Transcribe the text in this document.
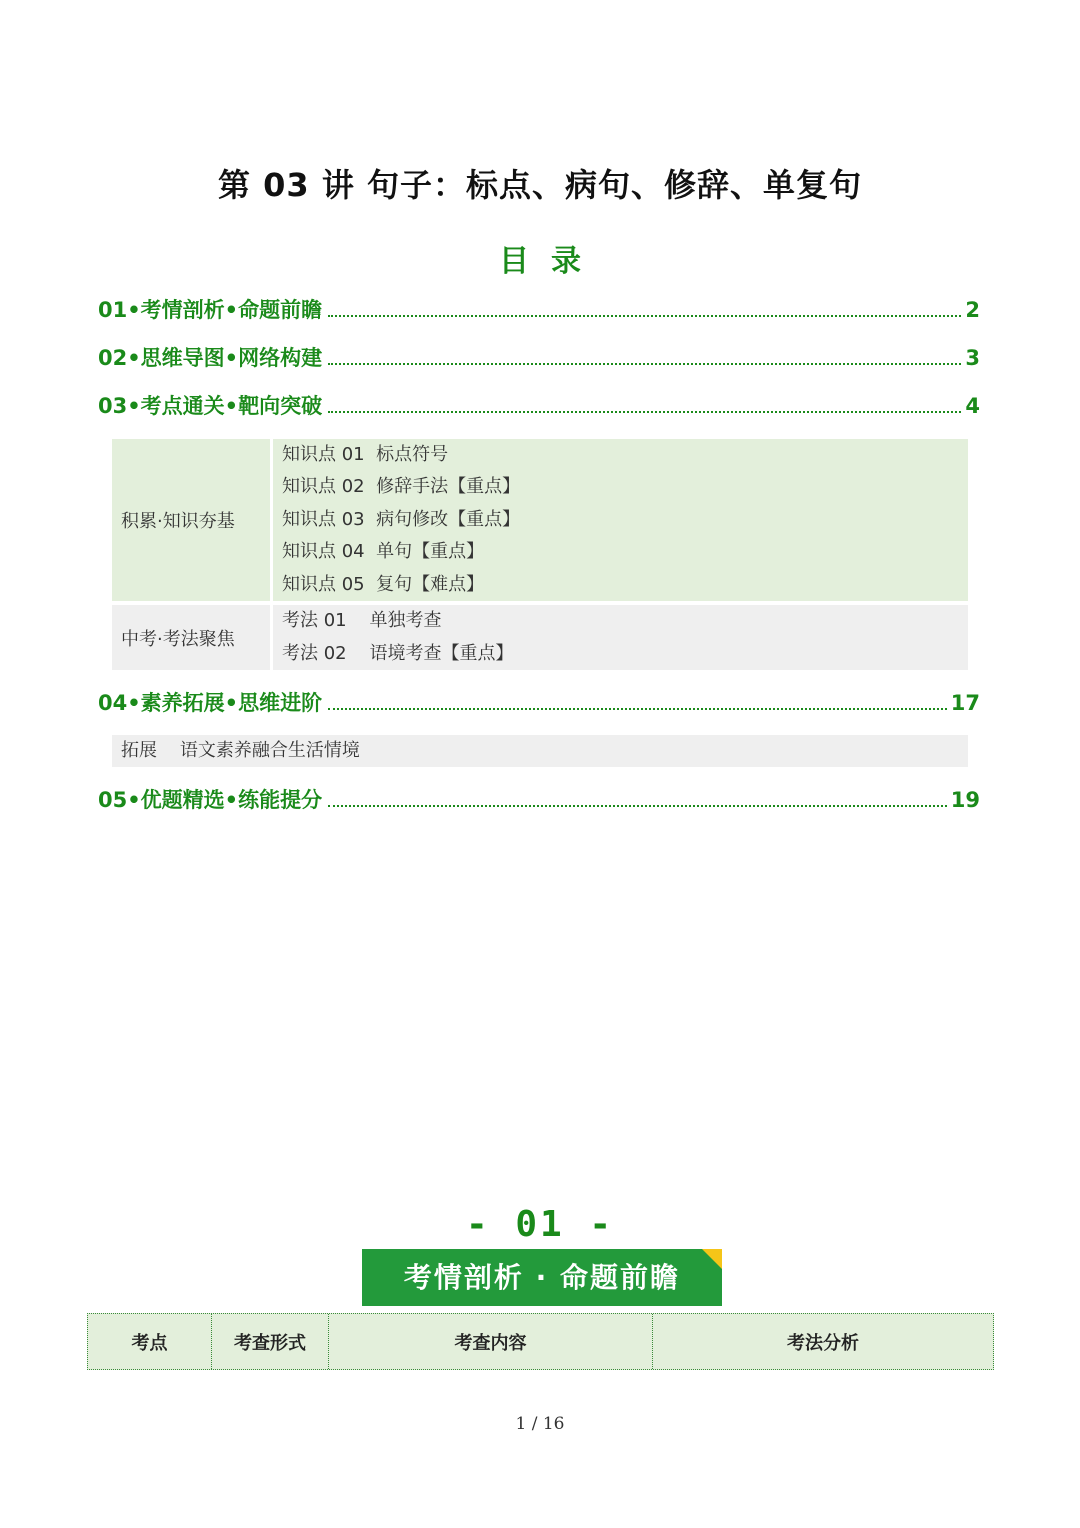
第 03 讲 句子：标点、病句、修辞、单复句
目录
01•考情剖析•命题前瞻	2
02•思维导图•网络构建	3
03•考点通关•靶向突破	4
积累·知识夯基
知识点 01  标点符号
知识点 02  修辞手法【重点】
知识点 03  病句修改【重点】
知识点 04  单句【重点】
知识点 05  复句【难点】
中考·考法聚焦
考法 01    单独考查
考法 02    语境考查【重点】
04•素养拓展•思维进阶	17
拓展    语文素养融合生活情境
05•优题精选•练能提分	19
- 01 -
考情剖析 · 命题前瞻
考点	考查形式	考查内容	考法分析
1 / 16
